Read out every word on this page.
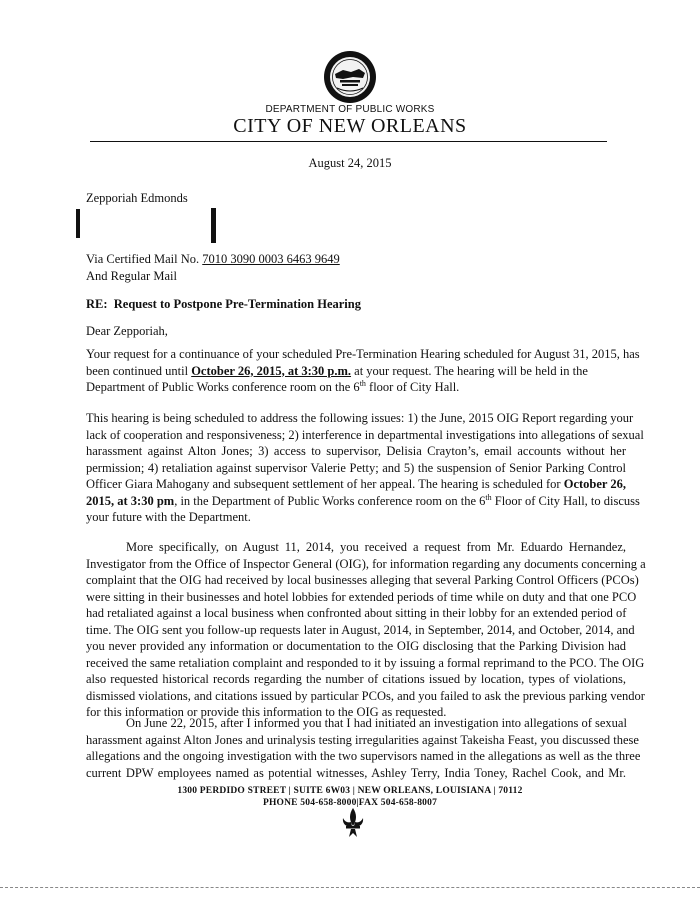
DEPARTMENT OF PUBLIC WORKS
CITY OF NEW ORLEANS
August 24, 2015
Zepporiah Edmonds
Via Certified Mail No. 7010 3090 0003 6463 9649
And Regular Mail
RE: Request to Postpone Pre-Termination Hearing
Dear Zepporiah,
Your request for a continuance of your scheduled Pre-Termination Hearing scheduled for August 31, 2015, has
been continued until October 26, 2015, at 3:30 p.m. at your request. The hearing will be held in the
Department of Public Works conference room on the 6th floor of City Hall.
This hearing is being scheduled to address the following issues: 1) the June, 2015 OIG Report regarding your
lack of cooperation and responsiveness; 2) interference in departmental investigations into allegations of sexual
harassment against Alton Jones; 3) access to supervisor, Delisia Crayton’s, email accounts without her
permission; 4) retaliation against supervisor Valerie Petty; and 5) the suspension of Senior Parking Control
Officer Giara Mahogany and subsequent settlement of her appeal. The hearing is scheduled for October 26,
2015, at 3:30 pm, in the Department of Public Works conference room on the 6th Floor of City Hall, to discuss
your future with the Department.
More specifically, on August 11, 2014, you received a request from Mr. Eduardo Hernandez,
Investigator from the Office of Inspector General (OIG), for information regarding any documents concerning a
complaint that the OIG had received by local businesses alleging that several Parking Control Officers (PCOs)
were sitting in their businesses and hotel lobbies for extended periods of time while on duty and that one PCO
had retaliated against a local business when confronted about sitting in their lobby for an extended period of
time. The OIG sent you follow-up requests later in August, 2014, in September, 2014, and October, 2014, and
you never provided any information or documentation to the OIG disclosing that the Parking Division had
received the same retaliation complaint and responded to it by issuing a formal reprimand to the PCO. The OIG
also requested historical records regarding the number of citations issued by location, types of violations,
dismissed violations, and citations issued by particular PCOs, and you failed to ask the previous parking vendor
for this information or provide this information to the OIG as requested.
On June 22, 2015, after I informed you that I had initiated an investigation into allegations of sexual
harassment against Alton Jones and urinalysis testing irregularities against Takeisha Feast, you discussed these
allegations and the ongoing investigation with the two supervisors named in the allegations as well as the three
current DPW employees named as potential witnesses, Ashley Terry, India Toney, Rachel Cook, and Mr.
1300 PERDIDO STREET | SUITE 6W03 | NEW ORLEANS, LOUISIANA | 70112
PHONE 504-658-8000|FAX 504-658-8007
